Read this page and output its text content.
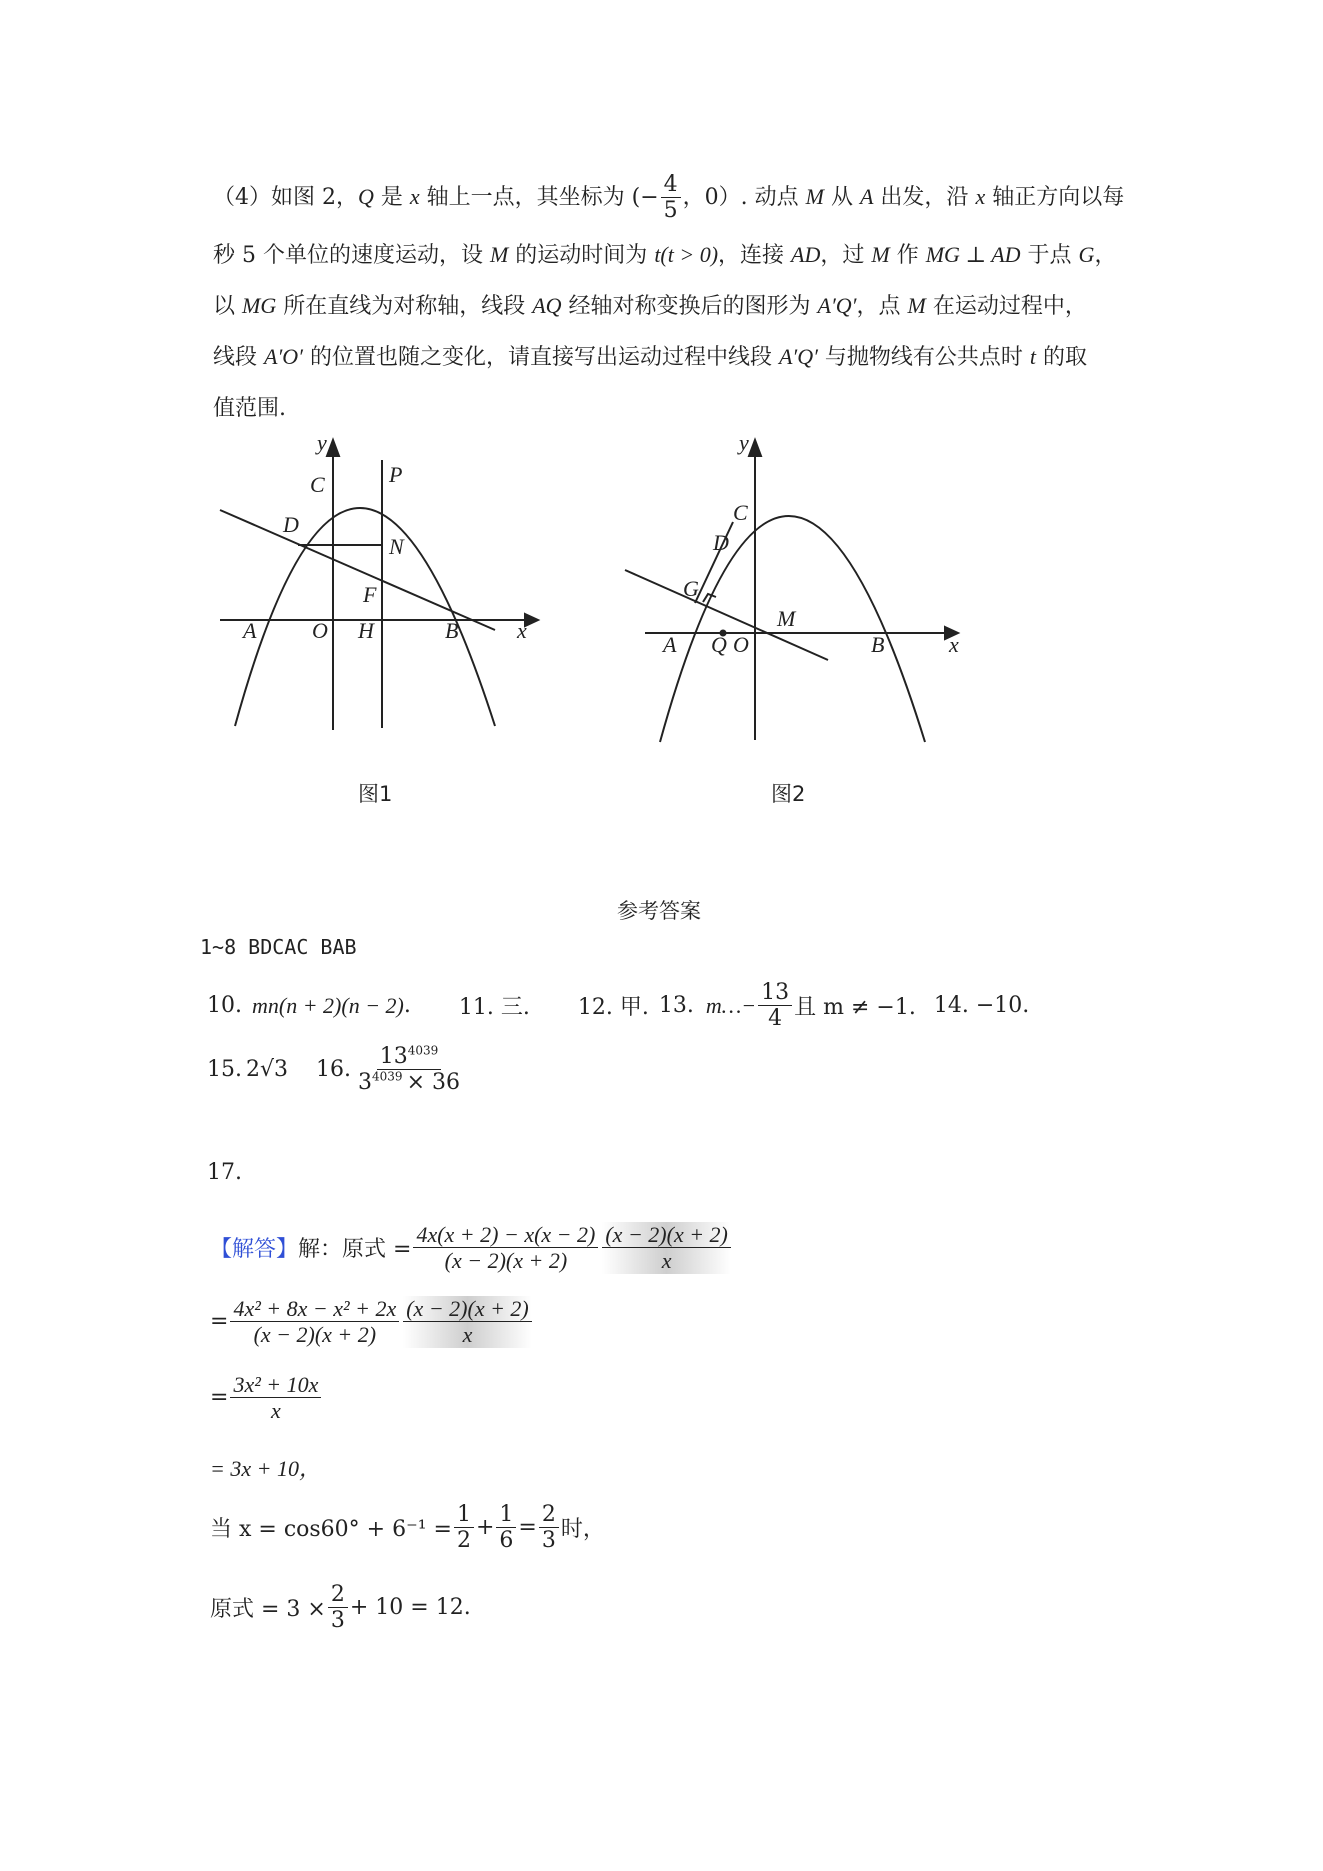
（4）如图 2，Q 是 x 轴上一点，其坐标为 (− $\frac{4}{5}$ ，0）. 动点 M 从 A 出发，沿 x 轴正方向以每
秒 5 个单位的速度运动，设 M 的运动时间为 t(t > 0)，连接 AD，过 M 作 MG ⊥ AD 于点 G，
以 MG 所在直线为对称轴，线段 AQ 经轴对称变换后的图形为 A′Q′，点 M 在运动过程中，
线段 A′O′ 的位置也随之变化，请直接写出运动过程中线段 A′Q′ 与抛物线有公共点时 t 的取
值范围.
y
x
C	P
D
N
F
A	O H	B
图1
y
x
C
D
G
M
A Q O	B
图2
参考答案
1~8 BDCAC BAB
10. mn(n + 2)(n − 2) . 11. 三. 12. 甲. 13. m…− $\frac{13}{4}$ 且 m ≠ −1. 14. −10.
15. 2√3 16. $\frac{13^{4039}}{3^{4039} \times 36}$
17.
【解答】 解：原式 = $\frac{4x(x + 2) - x(x - 2)}{(x - 2)(x + 2)} \frac{(x - 2)(x + 2)}{x}$
= $\frac{\text{4x² + 8x − x² + 2x}}{(x - 2)(x + 2)} \frac{(x - 2)(x + 2)}{x}$
= $\frac{\text{3x² + 10x}}{x}$
= 3x + 10，
当 $x = \cos 60^\circ + 6^{-1} = \frac{1}{2} + \frac{1}{6} = \frac{2}{3}$ 时，
原式 = $3 \times \frac{2}{3} + 10 = 12$.
